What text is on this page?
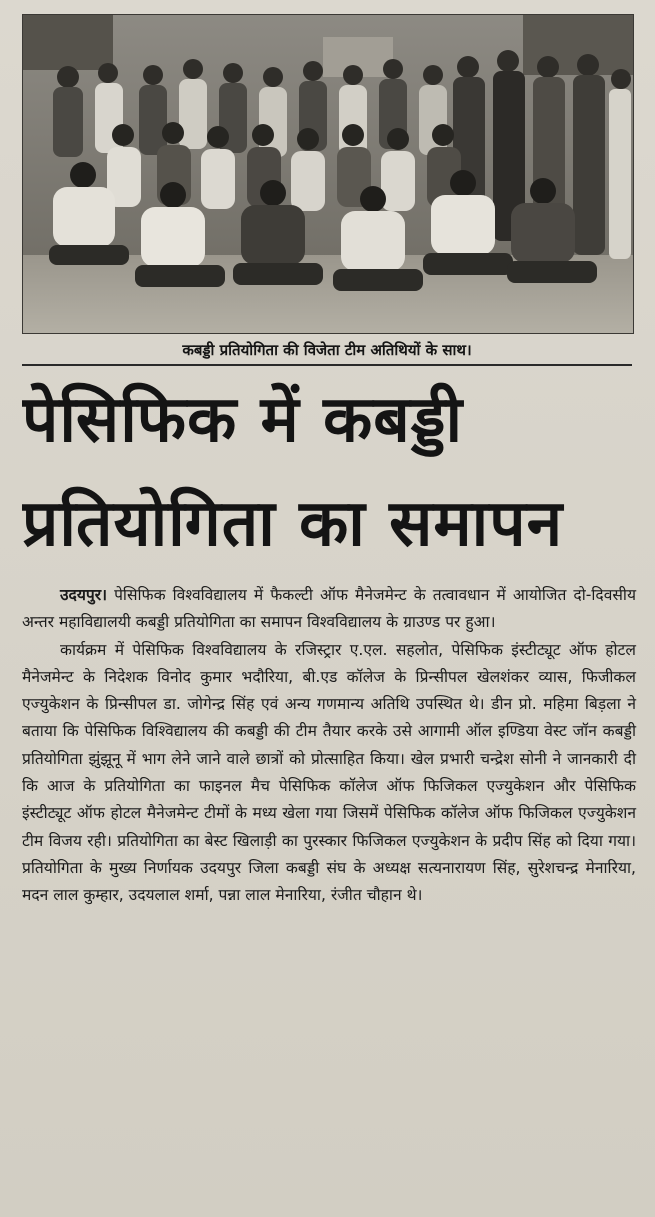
कबड्डी प्रतियोगिता की विजेता टीम अतिथियों के साथ।
पेसिफिक में कबड्डी
प्रतियोगिता का समापन

उदयपुर। पेसिफिक विश्वविद्यालय में फैकल्टी ऑफ मैनेजमेन्ट के तत्वावधान में आयोजित दो-दिवसीय अन्तर महाविद्यालयी कबड्डी प्रतियोगिता का समापन विश्वविद्यालय के ग्राउण्ड पर हुआ।

कार्यक्रम में पेसिफिक विश्वविद्यालय के रजिस्ट्रार ए.एल. सहलोत, पेसिफिक इंस्टीट्यूट ऑफ होटल मैनेजमेन्ट के निदेशक विनोद कुमार भदौरिया, बी.एड कॉलेज के प्रिन्सीपल खेलशंकर व्यास, फिजीकल एज्युकेशन के प्रिन्सीपल डा. जोगेन्द्र सिंह एवं अन्य गणमान्य अतिथि उपस्थित थे। डीन प्रो. महिमा बिड़ला ने बताया कि पेसिफिक विश्विद्यालय की कबड्डी की टीम तैयार करके उसे आगामी ऑल इण्डिया वेस्ट जॉन कबड्डी प्रतियोगिता झुंझूनू में भाग लेने जाने वाले छात्रों को प्रोत्साहित किया। खेल प्रभारी चन्द्रेश सोनी ने जानकारी दी कि आज के प्रतियोगिता का फाइनल मैच पेसिफिक कॉलेज ऑफ फिजिकल एज्युकेशन और पेसिफिक इंस्टीट्यूट ऑफ होटल मैनेजमेन्ट टीमों के मध्य खेला गया जिसमें पेसिफिक कॉलेज ऑफ फिजिकल एज्युकेशन टीम विजय रही। प्रतियोगिता का बेस्ट खिलाड़ी का पुरस्कार फिजिकल एज्युकेशन के प्रदीप सिंह को दिया गया। प्रतियोगिता के मुख्य निर्णायक उदयपुर जिला कबड्डी संघ के अध्यक्ष सत्यनारायण सिंह, सुरेशचन्द्र मेनारिया, मदन लाल कुम्हार, उदयलाल शर्मा, पन्ना लाल मेनारिया, रंजीत चौहान थे।
